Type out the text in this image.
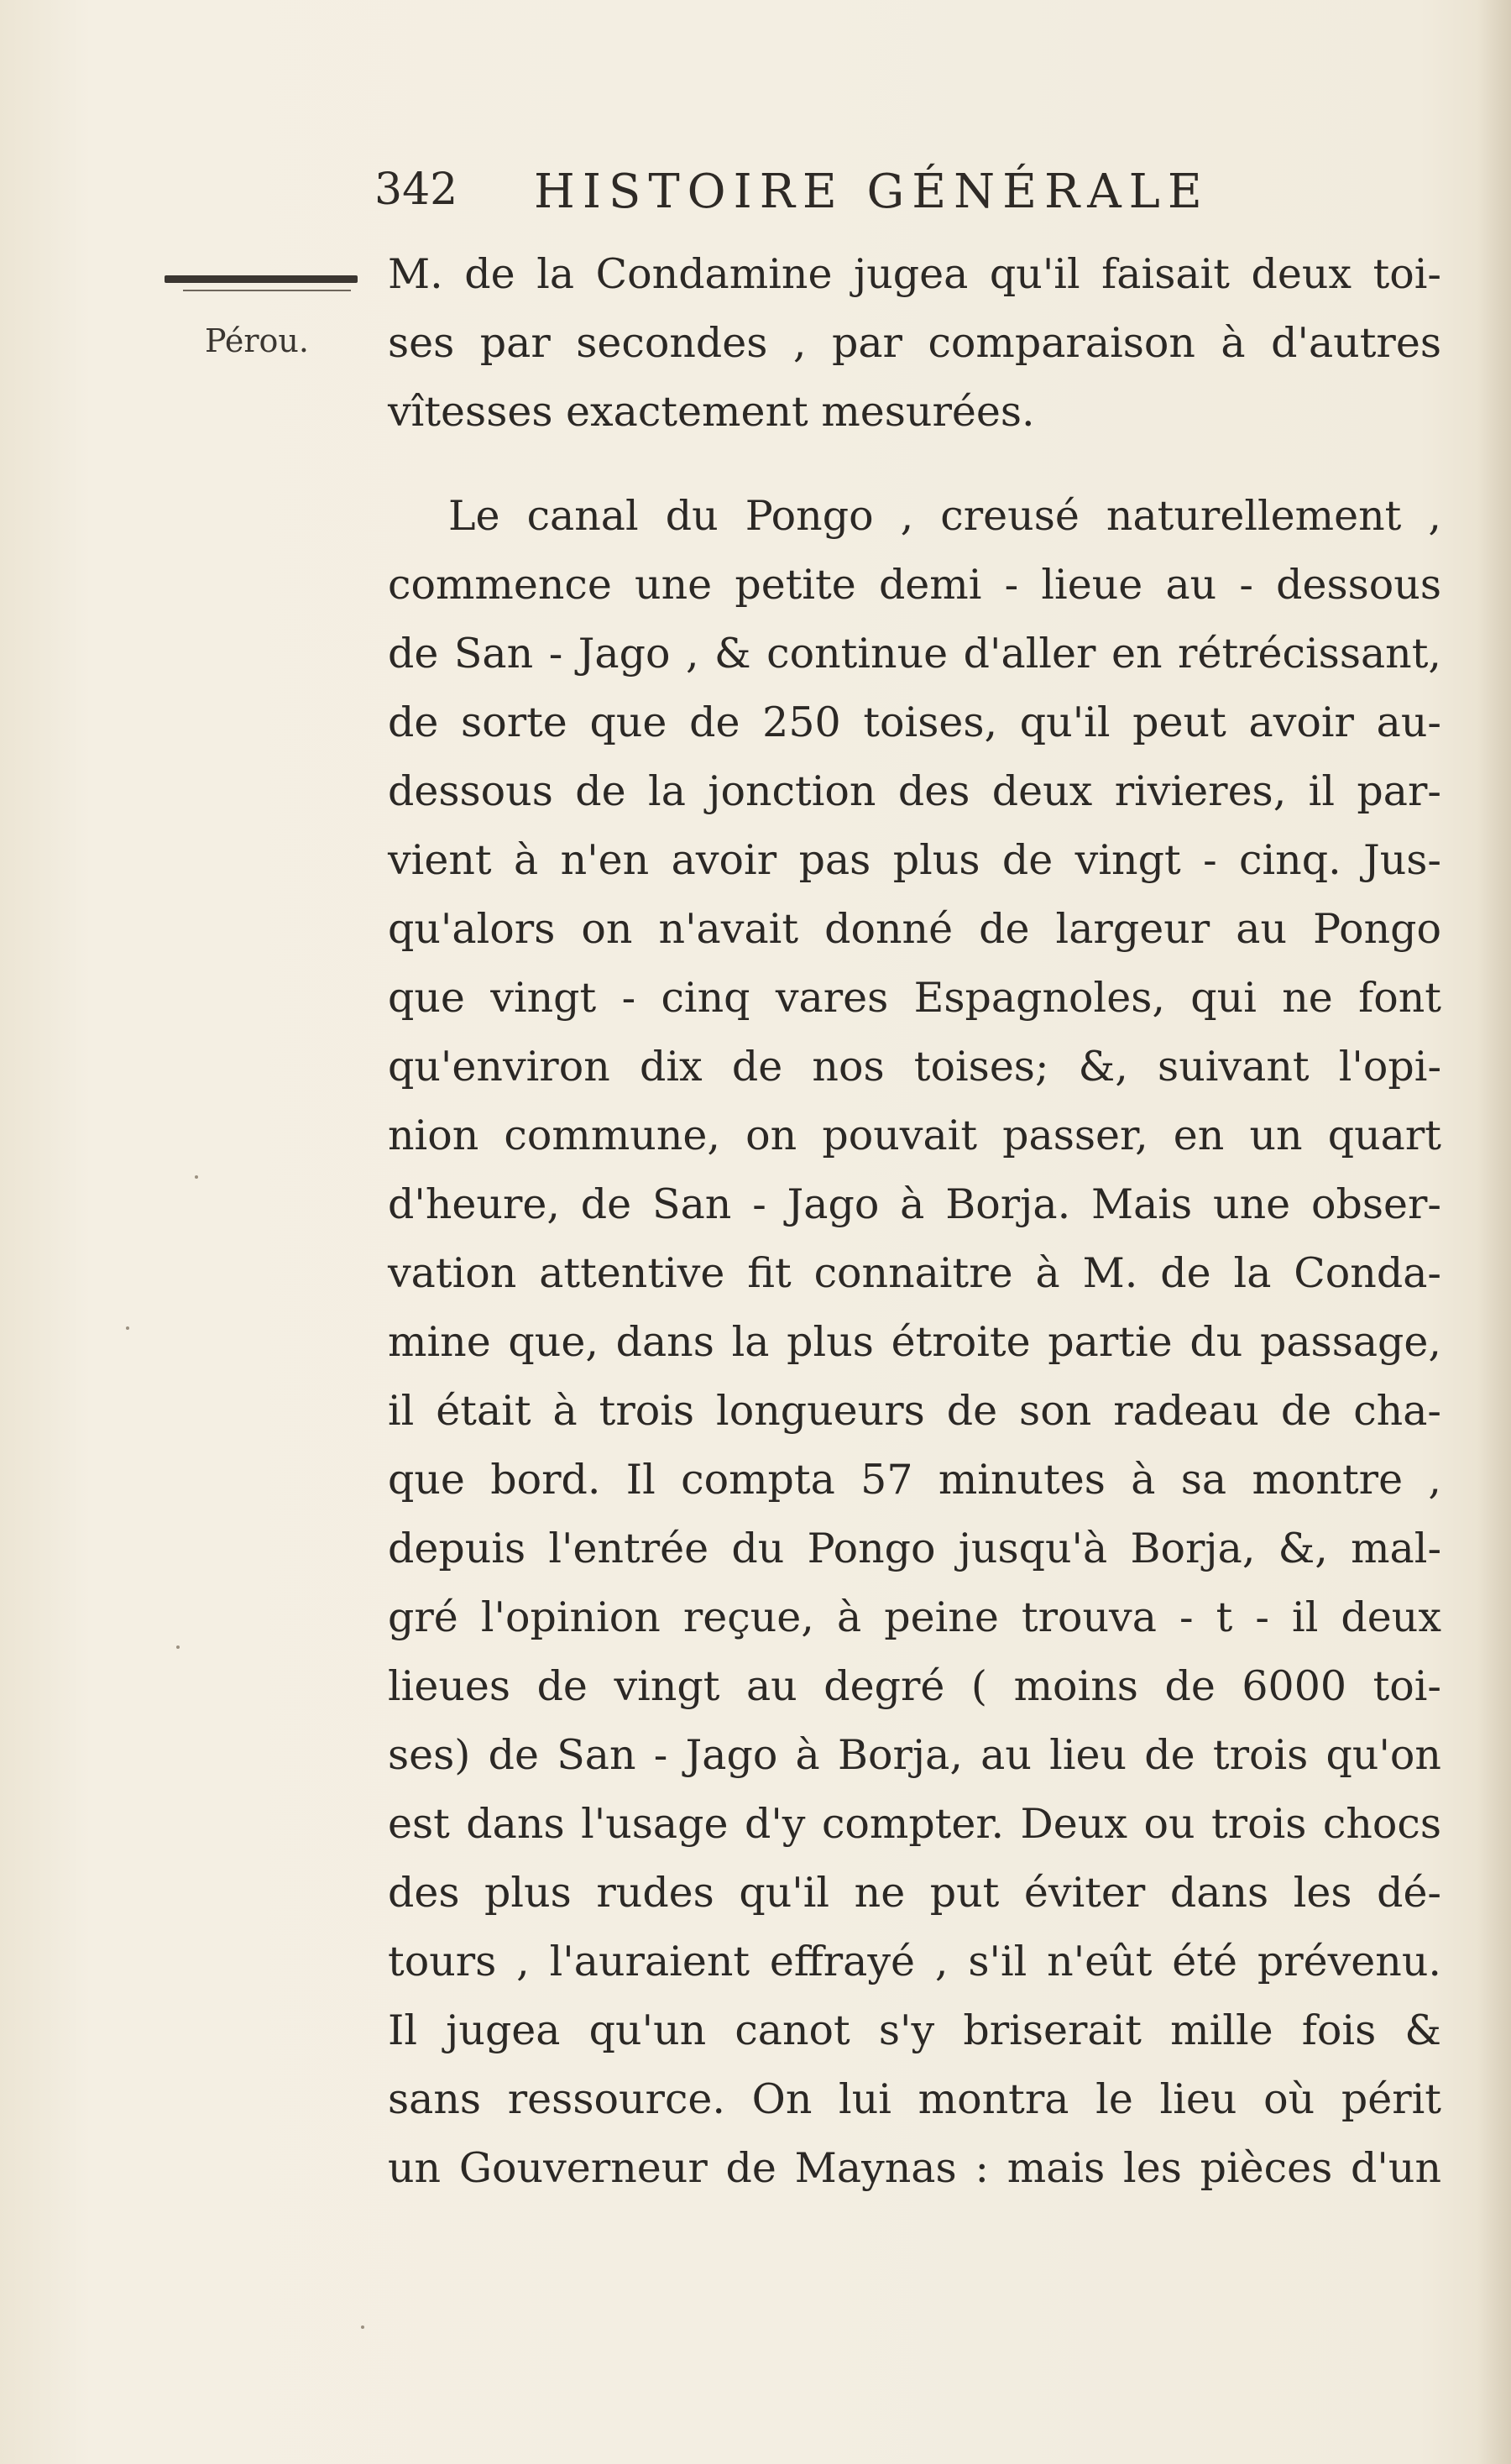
342 HISTOIRE GÉNÉRALE
Pérou.
M. de la Condamine jugea qu'il faisait deux toi-
ses par secondes , par comparaison à d'autres
vîtesses exactement mesurées.
Le canal du Pongo , creusé naturellement ,
commence une petite demi - lieue au - dessous
de San - Jago , & continue d'aller en rétrécissant,
de sorte que de 250 toises, qu'il peut avoir au-
dessous de la jonction des deux rivieres, il par-
vient à n'en avoir pas plus de vingt - cinq. Jus-
qu'alors on n'avait donné de largeur au Pongo
que vingt - cinq vares Espagnoles, qui ne font
qu'environ dix de nos toises; &, suivant l'opi-
nion commune, on pouvait passer, en un quart
d'heure, de San - Jago à Borja. Mais une obser-
vation attentive fit connaitre à M. de la Conda-
mine que, dans la plus étroite partie du passage,
il était à trois longueurs de son radeau de cha-
que bord. Il compta 57 minutes à sa montre ,
depuis l'entrée du Pongo jusqu'à Borja, &, mal-
gré l'opinion reçue, à peine trouva - t - il deux
lieues de vingt au degré ( moins de 6000 toi-
ses) de San - Jago à Borja, au lieu de trois qu'on
est dans l'usage d'y compter. Deux ou trois chocs
des plus rudes qu'il ne put éviter dans les dé-
tours , l'auraient effrayé , s'il n'eût été prévenu.
Il jugea qu'un canot s'y briserait mille fois &
sans ressource. On lui montra le lieu où périt
un Gouverneur de Maynas : mais les pièces d'un
